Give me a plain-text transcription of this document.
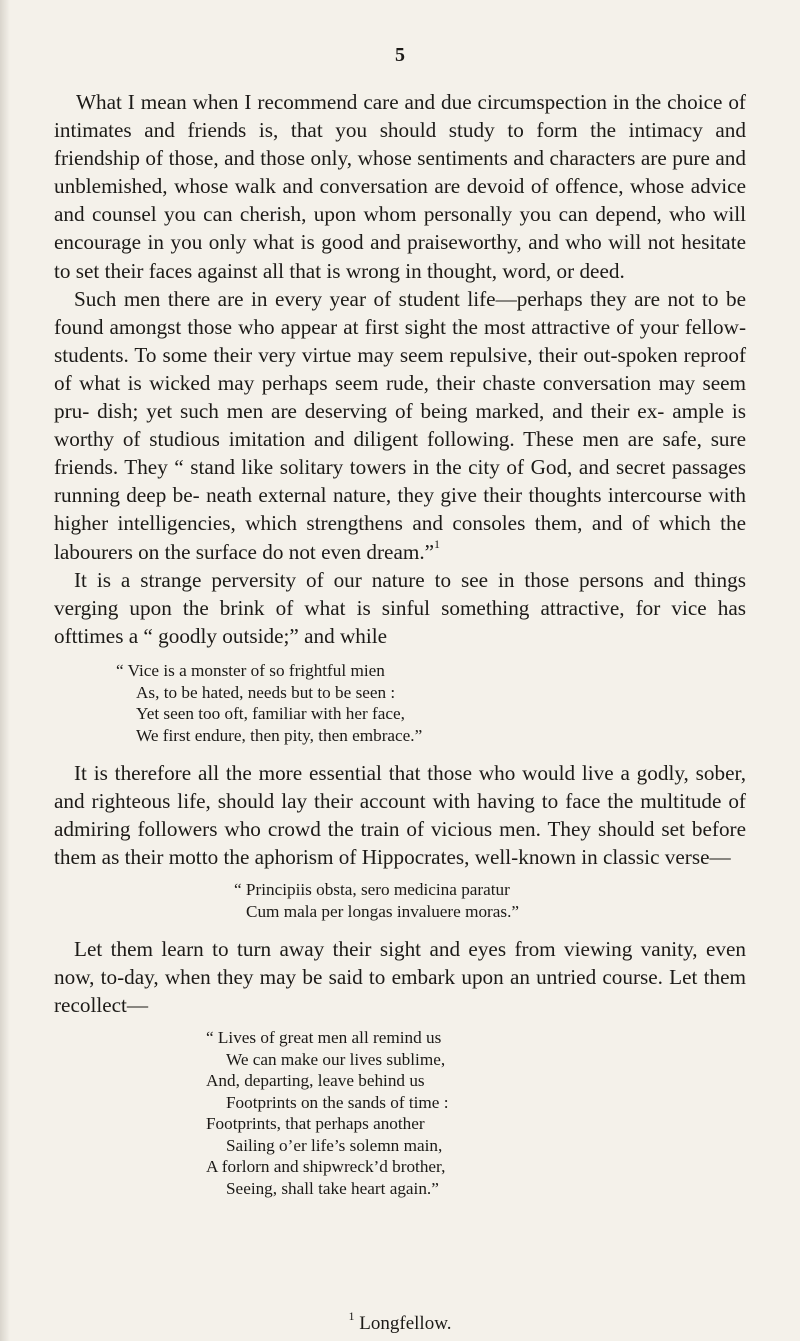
5

What I mean when I recommend care and due circumspection in the choice of intimates and friends is, that you should study to form the intimacy and friendship of those, and those only, whose sentiments and characters are pure and unblemished, whose walk and conversation are devoid of offence, whose advice and counsel you can cherish, upon whom personally you can depend, who will encourage in you only what is good and praiseworthy, and who will not hesitate to set their faces against all that is wrong in thought, word, or deed.

Such men there are in every year of student life—perhaps they are not to be found amongst those who appear at first sight the most attractive of your fellow-students. To some their very virtue may seem repulsive, their out-spoken reproof of what is wicked may perhaps seem rude, their chaste conversation may seem pru- dish; yet such men are deserving of being marked, and their ex- ample is worthy of studious imitation and diligent following. These men are safe, sure friends. They “ stand like solitary towers in the city of God, and secret passages running deep be- neath external nature, they give their thoughts intercourse with higher intelligencies, which strengthens and consoles them, and of which the labourers on the surface do not even dream.”$^1$

It is a strange perversity of our nature to see in those persons and things verging upon the brink of what is sinful something attractive, for vice has ofttimes a “ goodly outside;” and while

“ Vice is a monster of so frightful mien
As, to be hated, needs but to be seen :
Yet seen too oft, familiar with her face,
We first endure, then pity, then embrace.”

It is therefore all the more essential that those who would live a godly, sober, and righteous life, should lay their account with having to face the multitude of admiring followers who crowd the train of vicious men. They should set before them as their motto the aphorism of Hippocrates, well-known in classic verse—

“ Principiis obsta, sero medicina paratur
Cum mala per longas invaluere moras.”

Let them learn to turn away their sight and eyes from viewing vanity, even now, to-day, when they may be said to embark upon an untried course. Let them recollect—

“ Lives of great men all remind us
We can make our lives sublime,
And, departing, leave behind us
Footprints on the sands of time :
Footprints, that perhaps another
Sailing o’er life’s solemn main,
A forlorn and shipwreck’d brother,
Seeing, shall take heart again.”
$^1$ Longfellow.
